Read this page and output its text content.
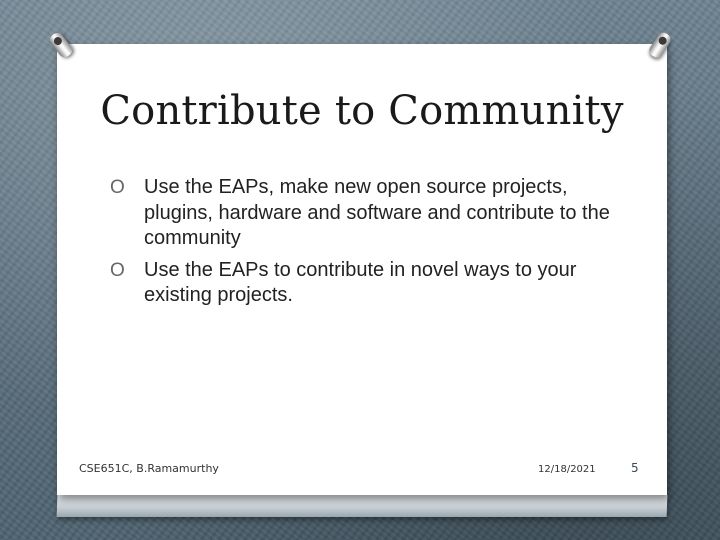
Contribute to Community
O Use the EAPs, make new open source projects, plugins, hardware and software and contribute to the community
O Use the EAPs to contribute in novel ways to your existing projects.
CSE651C, B.Ramamurthy	12/18/2021	5
